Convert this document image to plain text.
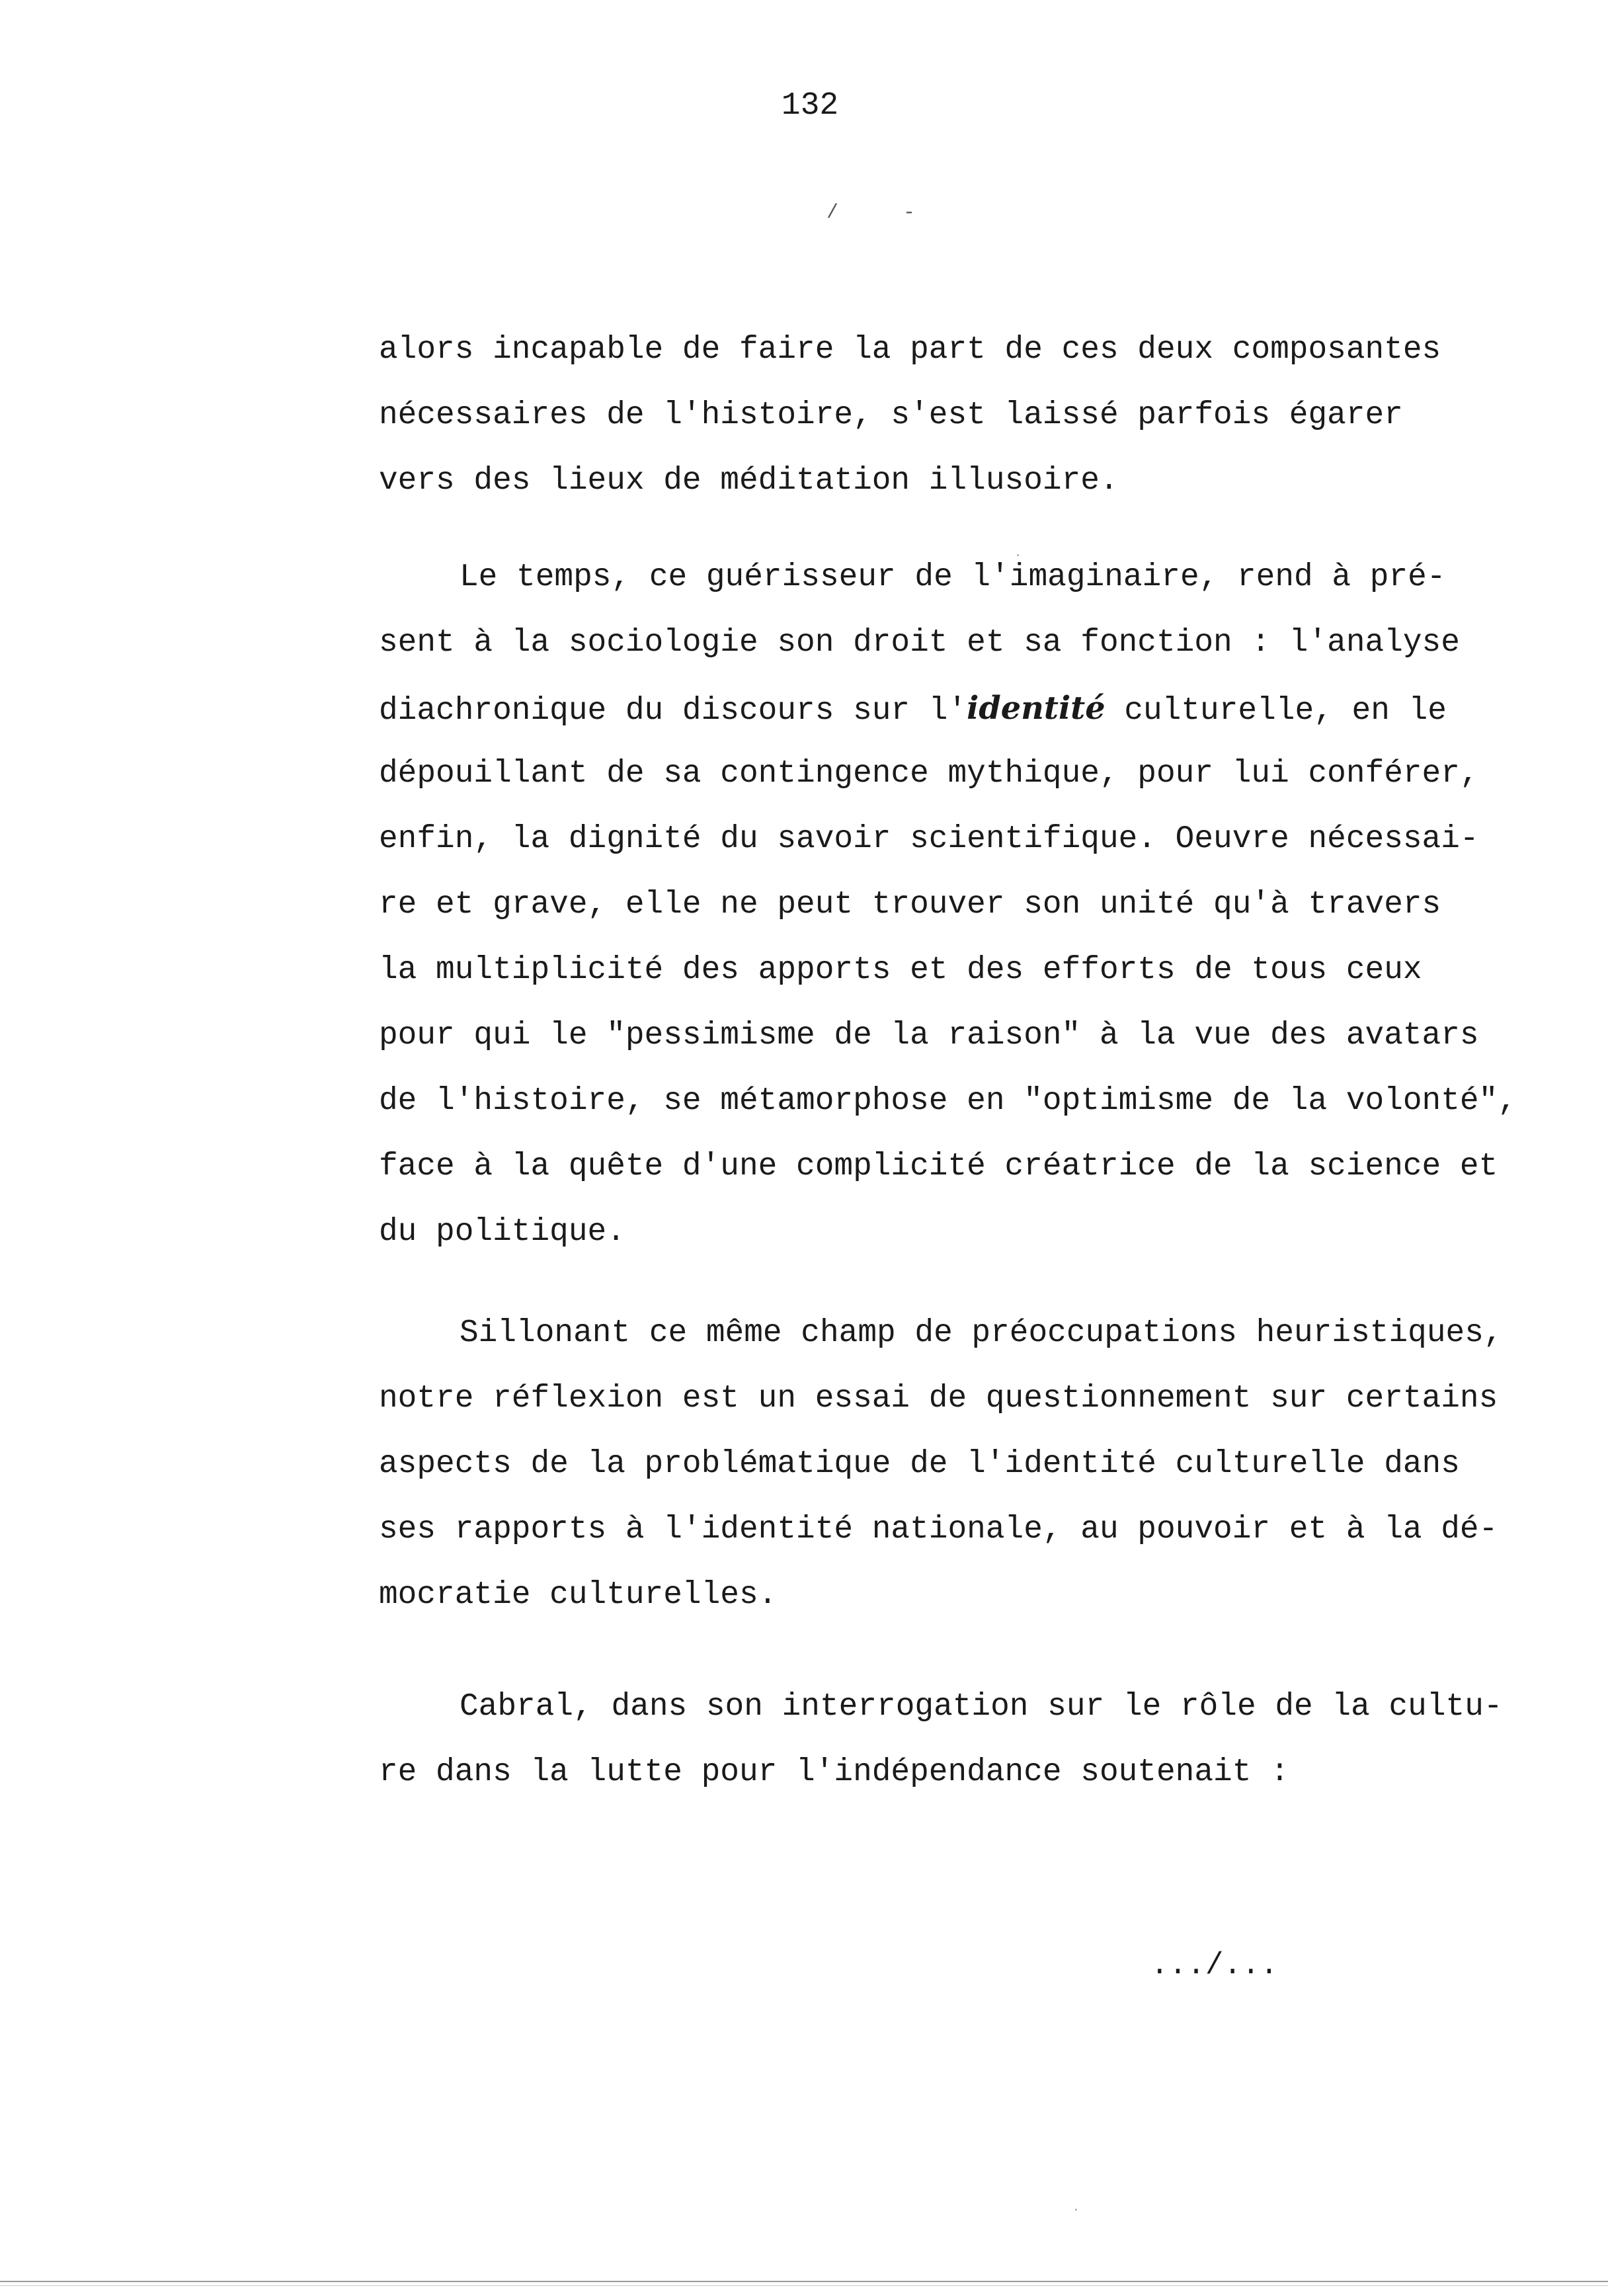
132
/ -
alors incapable de faire la part de ces deux composantes
nécessaires de l'histoire, s'est laissé parfois égarer
vers des lieux de méditation illusoire.
Le temps, ce guérisseur de l'imaginaire, rend à pré-
sent à la sociologie son droit et sa fonction : l'analyse
diachronique du discours sur l'identité culturelle, en le
dépouillant de sa contingence mythique, pour lui conférer,
enfin, la dignité du savoir scientifique. Oeuvre nécessai-
re et grave, elle ne peut trouver son unité qu'à travers
la multiplicité des apports et des efforts de tous ceux
pour qui le "pessimisme de la raison" à la vue des avatars
de l'histoire, se métamorphose en "optimisme de la volonté",
face à la quête d'une complicité créatrice de la science et
du politique.
Sillonant ce même champ de préoccupations heuristiques,
notre réflexion est un essai de questionnement sur certains
aspects de la problématique de l'identité culturelle dans
ses rapports à l'identité nationale, au pouvoir et à la dé-
mocratie culturelles.
Cabral, dans son interrogation sur le rôle de la cultu-
re dans la lutte pour l'indépendance soutenait :
.../...
